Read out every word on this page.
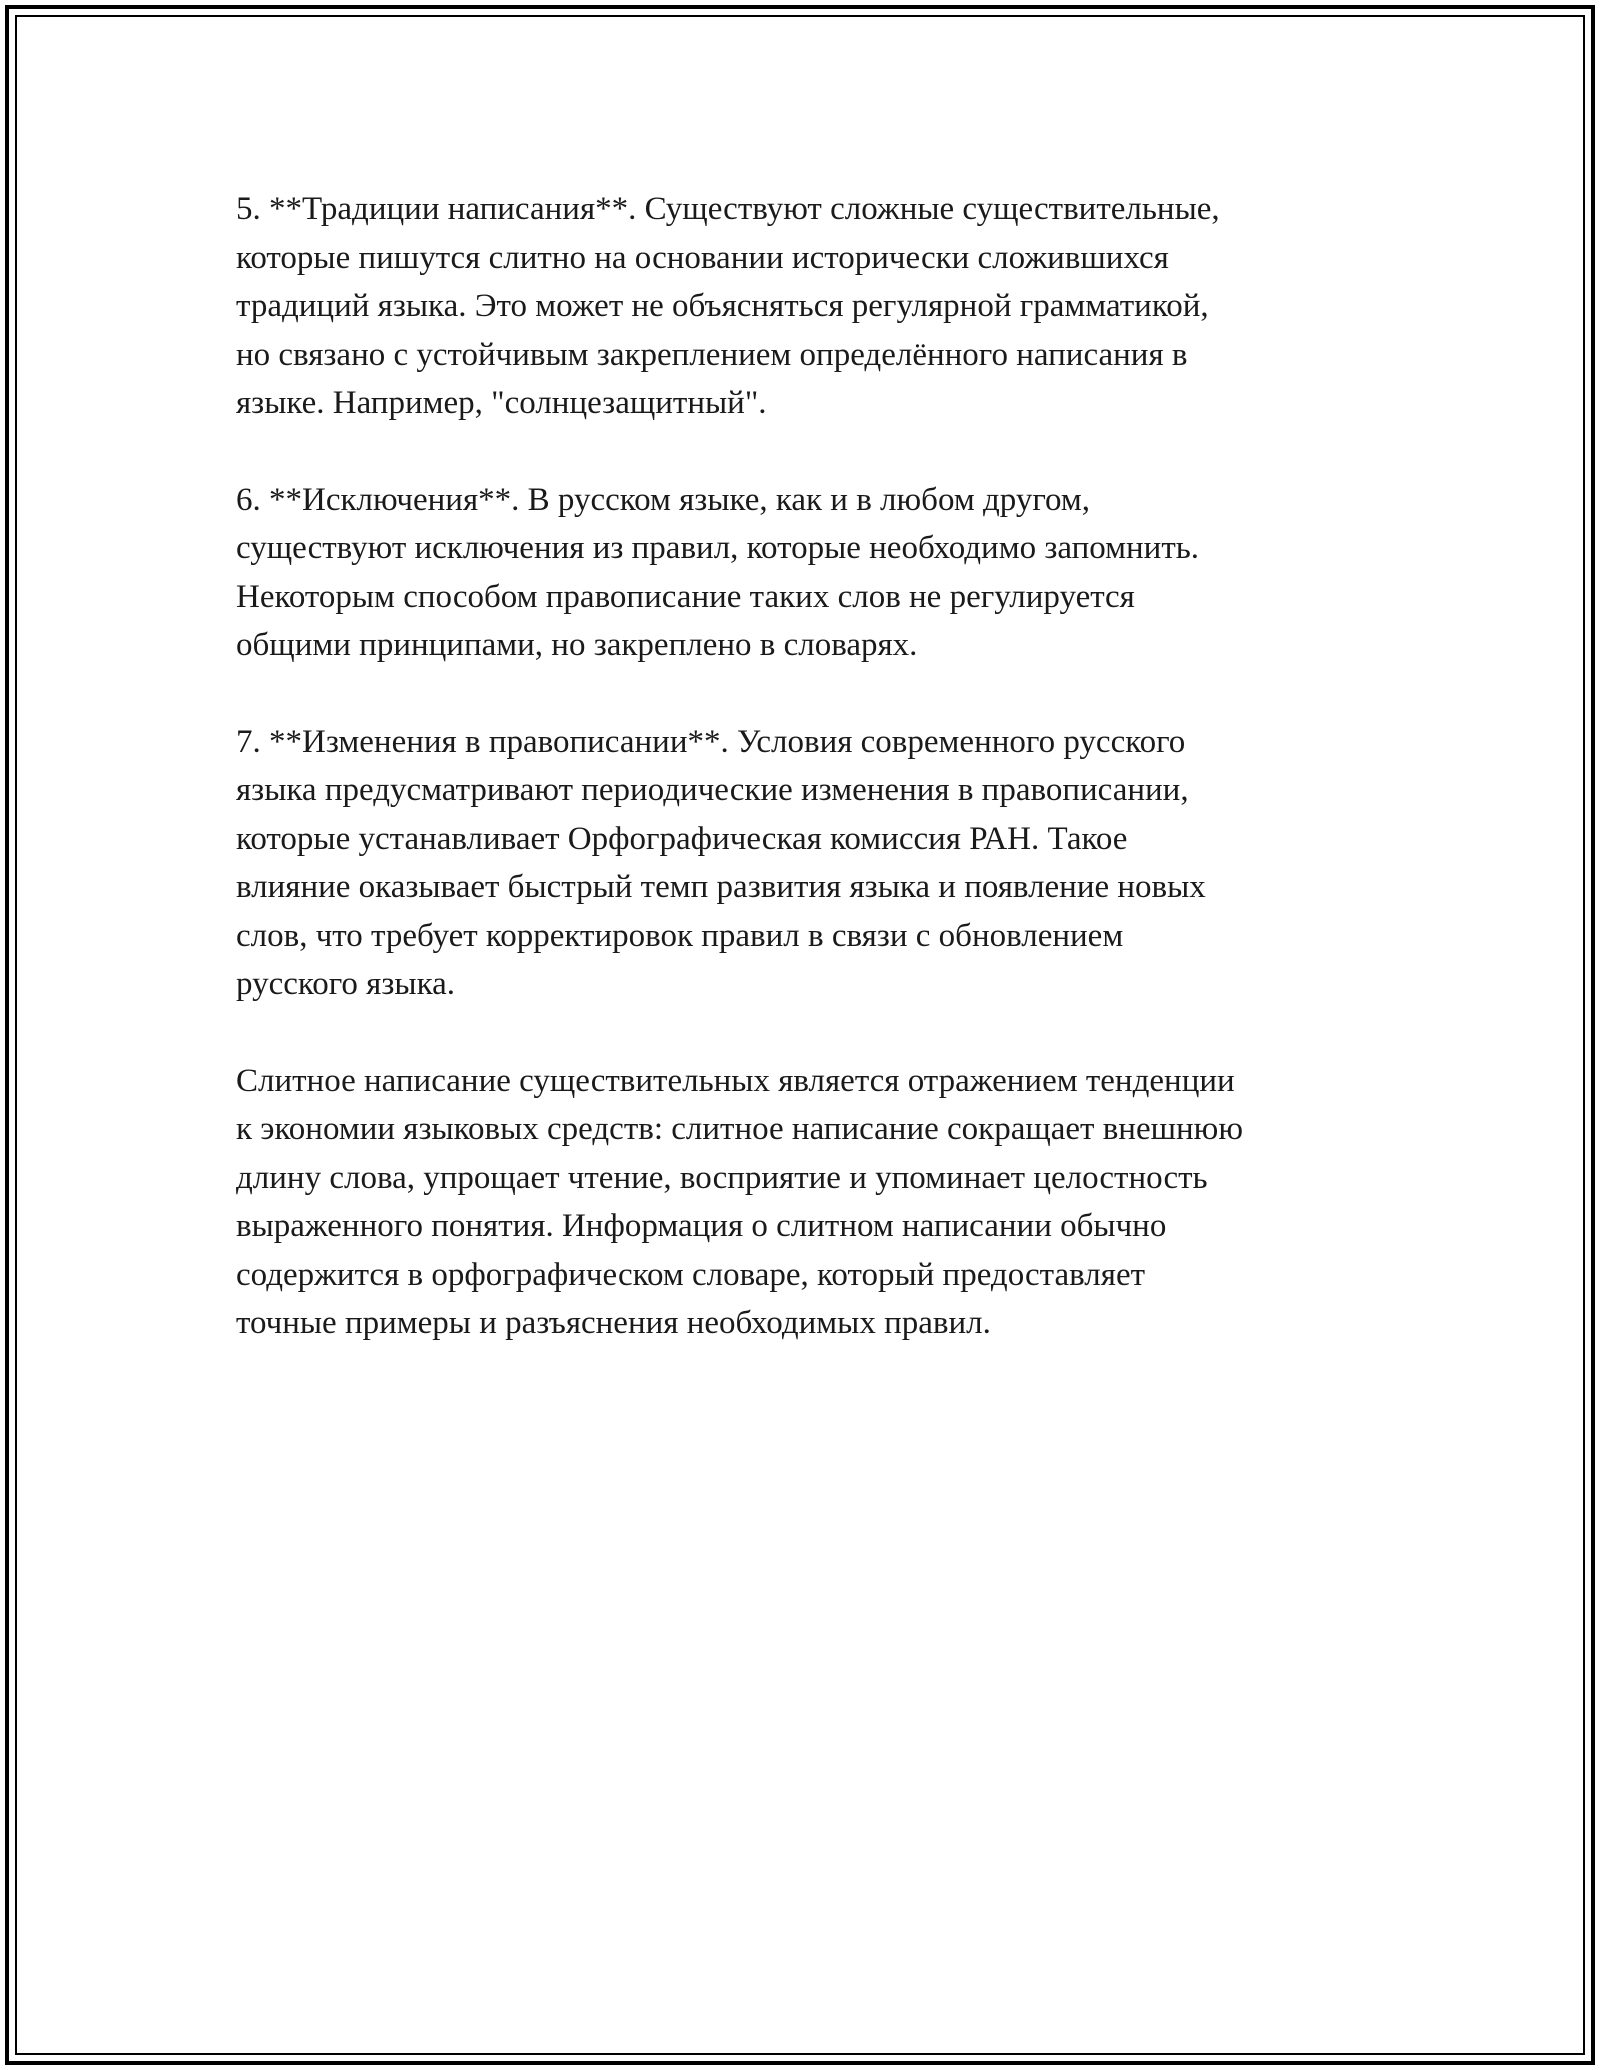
5. **Традиции написания**. Существуют сложные существительные,
которые пишутся слитно на основании исторически сложившихся
традиций языка. Это может не объясняться регулярной грамматикой,
но связано с устойчивым закреплением определённого написания в
языке. Например, "солнцезащитный".

6. **Исключения**. В русском языке, как и в любом другом,
существуют исключения из правил, которые необходимо запомнить.
Некоторым способом правописание таких слов не регулируется
общими принципами, но закреплено в словарях.

7. **Изменения в правописании**. Условия современного русского
языка предусматривают периодические изменения в правописании,
которые устанавливает Орфографическая комиссия РАН. Такое
влияние оказывает быстрый темп развития языка и появление новых
слов, что требует корректировок правил в связи с обновлением
русского языка.

Слитное написание существительных является отражением тенденции
к экономии языковых средств: слитное написание сокращает внешнюю
длину слова, упрощает чтение, восприятие и упоминает целостность
выраженного понятия. Информация о слитном написании обычно
содержится в орфографическом словаре, который предоставляет
точные примеры и разъяснения необходимых правил.
